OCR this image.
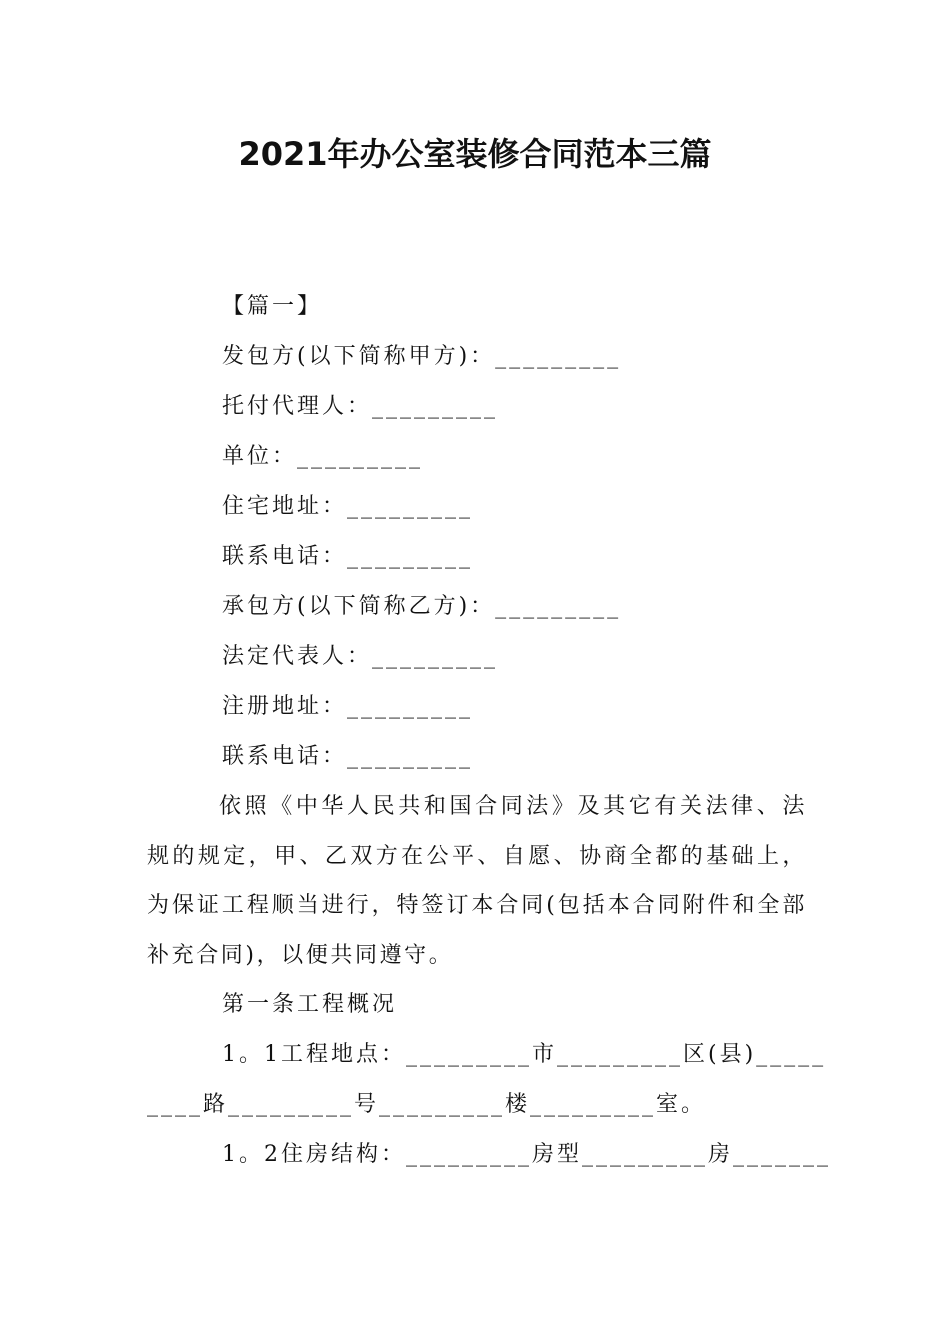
2021年办公室装修合同范本三篇
【篇一】
发包方(以下简称甲方)：_________
托付代理人：_________
单位：_________
住宅地址：_________
联系电话：_________
承包方(以下简称乙方)：_________
法定代表人：_________
注册地址：_________
联系电话：_________
依照《中华人民共和国合同法》及其它有关法律、法规的规定，甲、乙双方在公平、自愿、协商全都的基础上，为保证工程顺当进行，特签订本合同(包括本合同附件和全部补充合同)，以便共同遵守。
第一条工程概况
1。1工程地点：_________市_________区(县)_____
____路_________号_________楼_________室。
1。2住房结构：_________房型_________房_______
